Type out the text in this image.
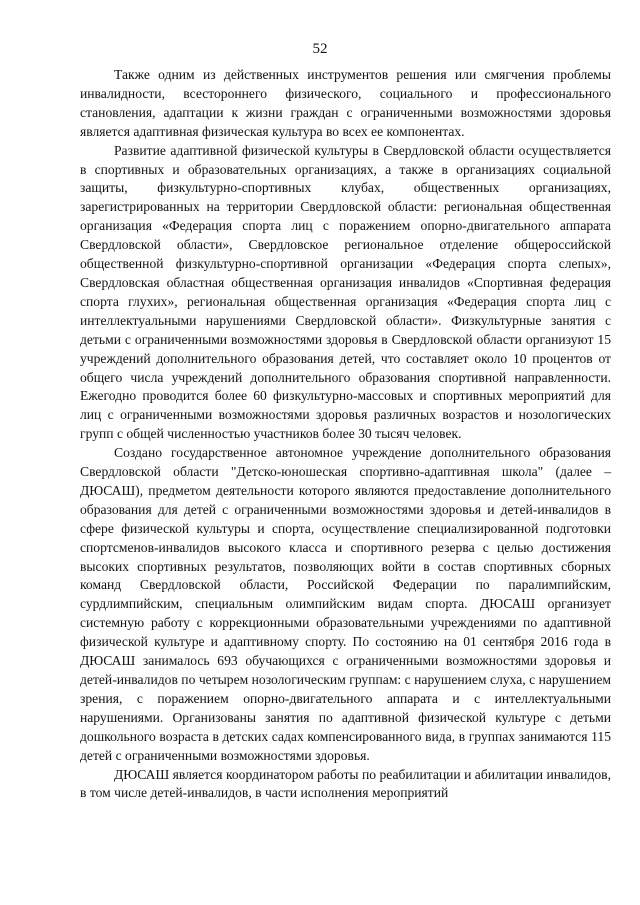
52

Также одним из действенных инструментов решения или смягчения проблемы инвалидности, всестороннего физического, социального и профессионального становления, адаптации к жизни граждан с ограниченными возможностями здоровья является адаптивная физическая культура во всех ее компонентах.

Развитие адаптивной физической культуры в Свердловской области осуществляется в спортивных и образовательных организациях, а также в организациях социальной защиты, физкультурно-спортивных клубах, общественных организациях, зарегистрированных на территории Свердловской области: региональная общественная организация «Федерация спорта лиц с поражением опорно-двигательного аппарата Свердловской области», Свердловское региональное отделение общероссийской общественной физкультурно-спортивной организации «Федерация спорта слепых», Свердловская областная общественная организация инвалидов «Спортивная федерация спорта глухих», региональная общественная организация «Федерация спорта лиц с интеллектуальными нарушениями Свердловской области». Физкультурные занятия с детьми с ограниченными возможностями здоровья в Свердловской области организуют 15 учреждений дополнительного образования детей, что составляет около 10 процентов от общего числа учреждений дополнительного образования спортивной направленности. Ежегодно проводится более 60 физкультурно-массовых и спортивных мероприятий для лиц с ограниченными возможностями здоровья различных возрастов и нозологических групп с общей численностью участников более 30 тысяч человек.

Создано государственное автономное учреждение дополнительного образования Свердловской области "Детско-юношеская спортивно-адаптивная школа" (далее – ДЮСАШ), предметом деятельности которого являются предоставление дополнительного образования для детей с ограниченными возможностями здоровья и детей-инвалидов в сфере физической культуры и спорта, осуществление специализированной подготовки спортсменов-инвалидов высокого класса и спортивного резерва с целью достижения высоких спортивных результатов, позволяющих войти в состав спортивных сборных команд Свердловской области, Российской Федерации по паралимпийским, сурдлимпийским, специальным олимпийским видам спорта. ДЮСАШ организует системную работу с коррекционными образовательными учреждениями по адаптивной физической культуре и адаптивному спорту. По состоянию на 01 сентября 2016 года в ДЮСАШ занималось 693 обучающихся с ограниченными возможностями здоровья и детей-инвалидов по четырем нозологическим группам: с нарушением слуха, с нарушением зрения, с поражением опорно-двигательного аппарата и с интеллектуальными нарушениями. Организованы занятия по адаптивной физической культуре с детьми дошкольного возраста в детских садах компенсированного вида, в группах занимаются 115 детей с ограниченными возможностями здоровья.

ДЮСАШ является координатором работы по реабилитации и абилитации инвалидов, в том числе детей-инвалидов, в части исполнения мероприятий
